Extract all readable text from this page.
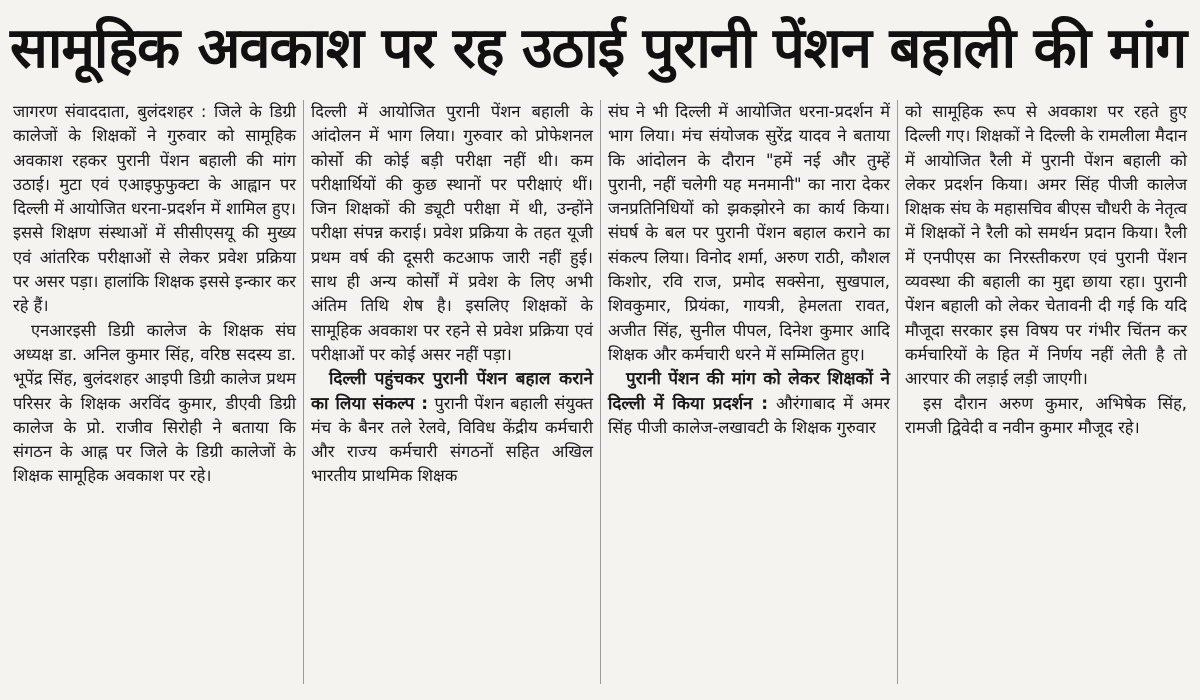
सामूहिक अवकाश पर रह उठाई पुरानी पेंशन बहाली की मांग

जागरण संवाददाता, बुलंदशहर : जिले के डिग्री कालेजों के शिक्षकों ने गुरुवार को सामूहिक अवकाश रहकर पुरानी पेंशन बहाली की मांग उठाई। मुटा एवं एआइफुफुक्टा के आह्वान पर दिल्ली में आयोजित धरना-प्रदर्शन में शामिल हुए। इससे शिक्षण संस्थाओं में सीसीएसयू की मुख्य एवं आंतरिक परीक्षाओं से लेकर प्रवेश प्रक्रिया पर असर पड़ा। हालांकि शिक्षक इससे इन्कार कर रहे हैं।

एनआरइसी डिग्री कालेज के शिक्षक संघ अध्यक्ष डा. अनिल कुमार सिंह, वरिष्ठ सदस्य डा. भूपेंद्र सिंह, बुलंदशहर आइपी डिग्री कालेज प्रथम परिसर के शिक्षक अरविंद कुमार, डीएवी डिग्री कालेज के प्रो. राजीव सिरोही ने बताया कि संगठन के आह्न पर जिले के डिग्री कालेजों के शिक्षक सामूहिक अवकाश पर रहे।

दिल्ली में आयोजित पुरानी पेंशन बहाली के आंदोलन में भाग लिया। गुरुवार को प्रोफेशनल कोर्सो की कोई बड़ी परीक्षा नहीं थी। कम परीक्षार्थियों की कुछ स्थानों पर परीक्षाएं थीं। जिन शिक्षकों की ड्यूटी परीक्षा में थी, उन्होंने परीक्षा संपन्न कराई। प्रवेश प्रक्रिया के तहत यूजी प्रथम वर्ष की दूसरी कटआफ जारी नहीं हुई। साथ ही अन्य कोर्सों में प्रवेश के लिए अभी अंतिम तिथि शेष है। इसलिए शिक्षकों के सामूहिक अवकाश पर रहने से प्रवेश प्रक्रिया एवं परीक्षाओं पर कोई असर नहीं पड़ा।

दिल्ली पहुंचकर पुरानी पेंशन बहाल कराने का लिया संकल्प : पुरानी पेंशन बहाली संयुक्त मंच के बैनर तले रेलवे, विविध केंद्रीय कर्मचारी और राज्य कर्मचारी संगठनों सहित अखिल भारतीय प्राथमिक शिक्षक

संघ ने भी दिल्ली में आयोजित धरना-प्रदर्शन में भाग लिया। मंच संयोजक सुरेंद्र यादव ने बताया कि आंदोलन के दौरान "हमें नई और तुम्हें पुरानी, नहीं चलेगी यह मनमानी" का नारा देकर जनप्रतिनिधियों को झकझोरने का कार्य किया। संघर्ष के बल पर पुरानी पेंशन बहाल कराने का संकल्प लिया। विनोद शर्मा, अरुण राठी, कौशल किशोर, रवि राज, प्रमोद सक्सेना, सुखपाल, शिवकुमार, प्रियंका, गायत्री, हेमलता रावत, अजीत सिंह, सुनील पीपल, दिनेश कुमार आदि शिक्षक और कर्मचारी धरने में सम्मिलित हुए।

पुरानी पेंशन की मांग को लेकर शिक्षकों ने दिल्ली में किया प्रदर्शन : औरंगाबाद में अमर सिंह पीजी कालेज-लखावटी के शिक्षक गुरुवार

को सामूहिक रूप से अवकाश पर रहते हुए दिल्ली गए। शिक्षकों ने दिल्ली के रामलीला मैदान में आयोजित रैली में पुरानी पेंशन बहाली को लेकर प्रदर्शन किया। अमर सिंह पीजी कालेज शिक्षक संघ के महासचिव बीएस चौधरी के नेतृत्व में शिक्षकों ने रैली को समर्थन प्रदान किया। रैली में एनपीएस का निरस्तीकरण एवं पुरानी पेंशन व्यवस्था की बहाली का मुद्दा छाया रहा। पुरानी पेंशन बहाली को लेकर चेतावनी दी गई कि यदि मौजूदा सरकार इस विषय पर गंभीर चिंतन कर कर्मचारियों के हित में निर्णय नहीं लेती है तो आरपार की लड़ाई लड़ी जाएगी।

इस दौरान अरुण कुमार, अभिषेक सिंह, रामजी द्विवेदी व नवीन कुमार मौजूद रहे।
